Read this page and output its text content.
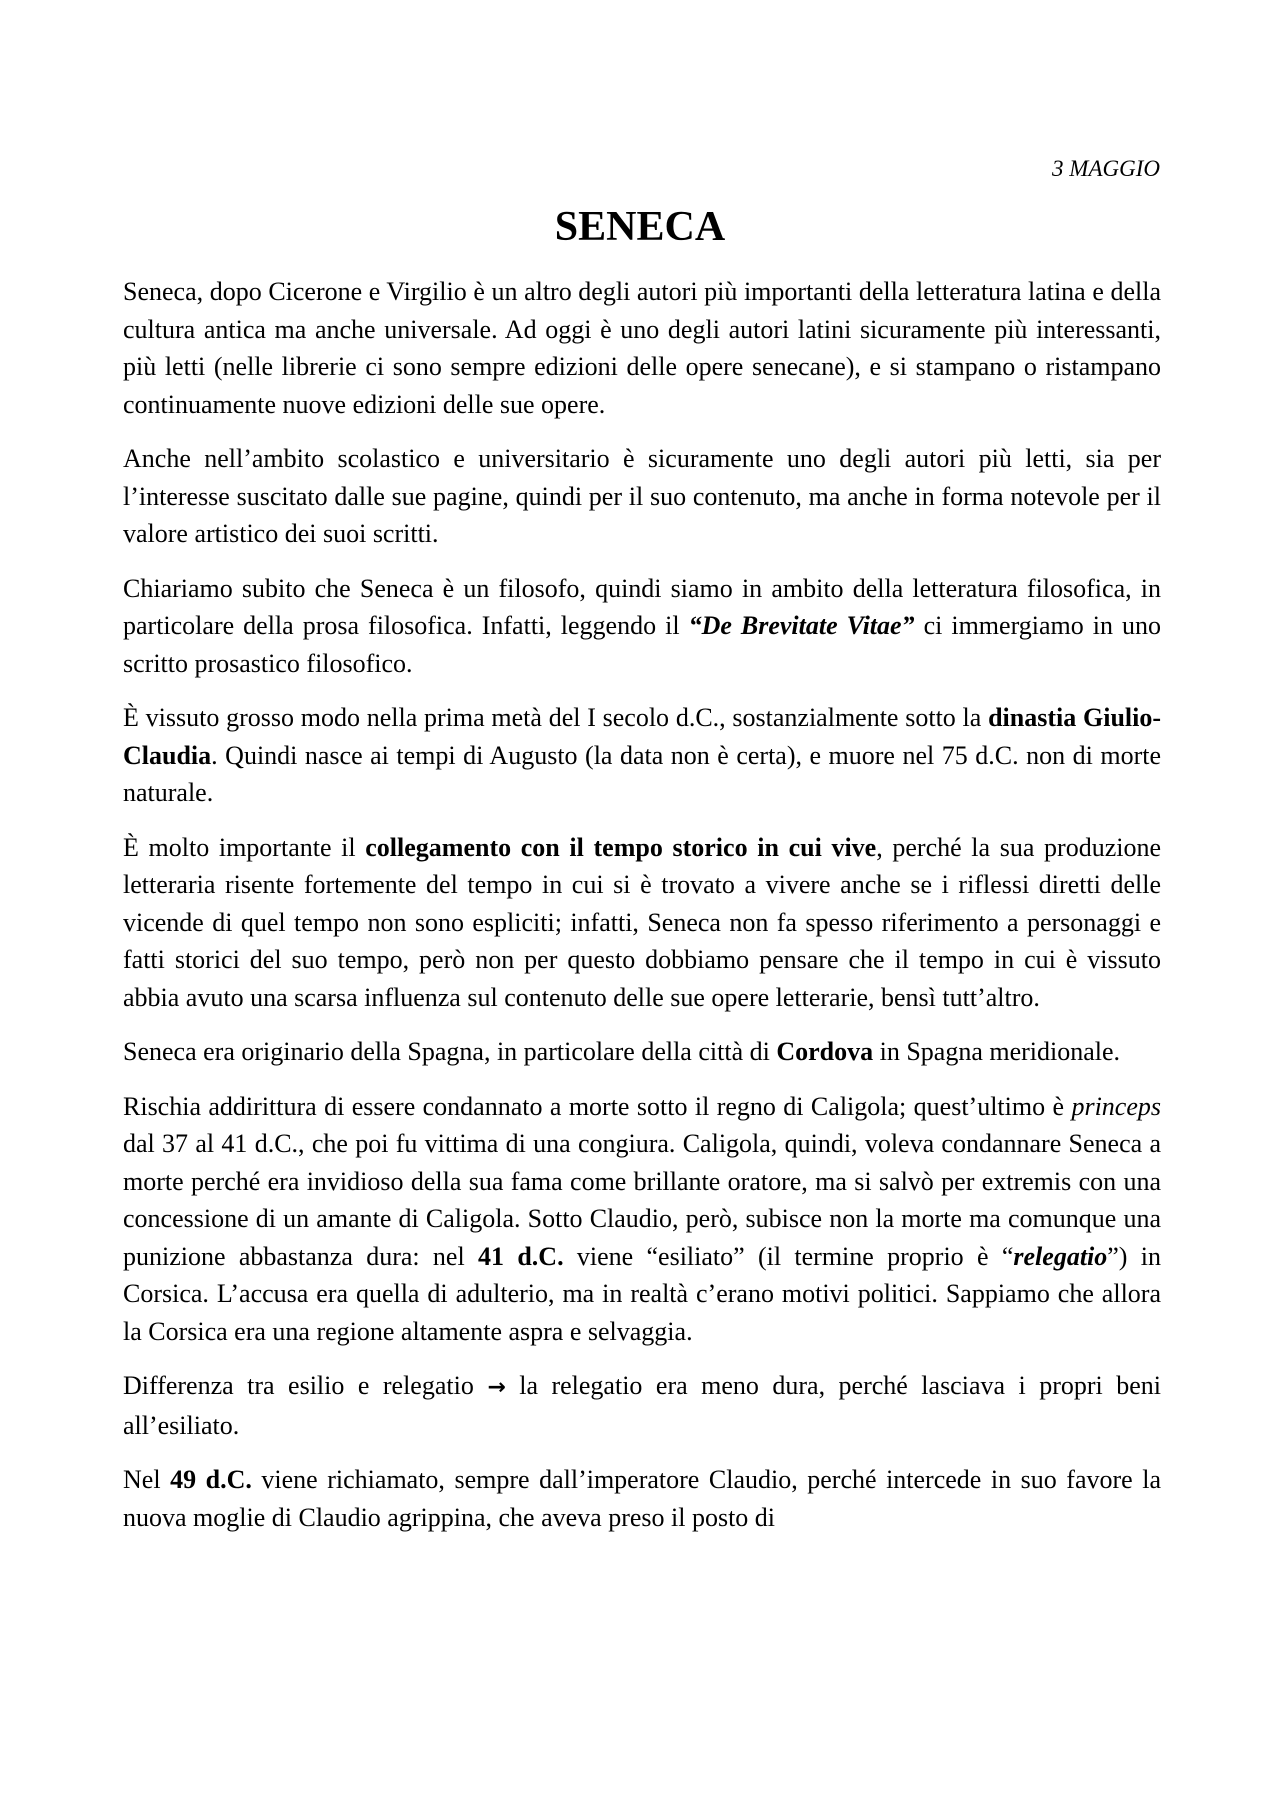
3 MAGGIO

SENECA

Seneca, dopo Cicerone e Virgilio è un altro degli autori più importanti della letteratura latina e della cultura antica ma anche universale. Ad oggi è uno degli autori latini sicuramente più interessanti, più letti (nelle librerie ci sono sempre edizioni delle opere senecane), e si stampano o ristampano continuamente nuove edizioni delle sue opere.

Anche nell’ambito scolastico e universitario è sicuramente uno degli autori più letti, sia per l’interesse suscitato dalle sue pagine, quindi per il suo contenuto, ma anche in forma notevole per il valore artistico dei suoi scritti.

Chiariamo subito che Seneca è un filosofo, quindi siamo in ambito della letteratura filosofica, in particolare della prosa filosofica. Infatti, leggendo il “De Brevitate Vitae” ci immergiamo in uno scritto prosastico filosofico.

È vissuto grosso modo nella prima metà del I secolo d.C., sostanzialmente sotto la dinastia Giulio-Claudia. Quindi nasce ai tempi di Augusto (la data non è certa), e muore nel 75 d.C. non di morte naturale.

È molto importante il collegamento con il tempo storico in cui vive, perché la sua produzione letteraria risente fortemente del tempo in cui si è trovato a vivere anche se i riflessi diretti delle vicende di quel tempo non sono espliciti; infatti, Seneca non fa spesso riferimento a personaggi e fatti storici del suo tempo, però non per questo dobbiamo pensare che il tempo in cui è vissuto abbia avuto una scarsa influenza sul contenuto delle sue opere letterarie, bensì tutt’altro.

Seneca era originario della Spagna, in particolare della città di Cordova in Spagna meridionale.

Rischia addirittura di essere condannato a morte sotto il regno di Caligola; quest’ultimo è princeps dal 37 al 41 d.C., che poi fu vittima di una congiura. Caligola, quindi, voleva condannare Seneca a morte perché era invidioso della sua fama come brillante oratore, ma si salvò per extremis con una concessione di un amante di Caligola. Sotto Claudio, però, subisce non la morte ma comunque una punizione abbastanza dura: nel 41 d.C. viene “esiliato” (il termine proprio è “relegatio”) in Corsica. L’accusa era quella di adulterio, ma in realtà c’erano motivi politici. Sappiamo che allora la Corsica era una regione altamente aspra e selvaggia.

Differenza tra esilio e relegatio → la relegatio era meno dura, perché lasciava i propri beni all’esiliato.

Nel 49 d.C. viene richiamato, sempre dall’imperatore Claudio, perché intercede in suo favore la nuova moglie di Claudio agrippina, che aveva preso il posto di
